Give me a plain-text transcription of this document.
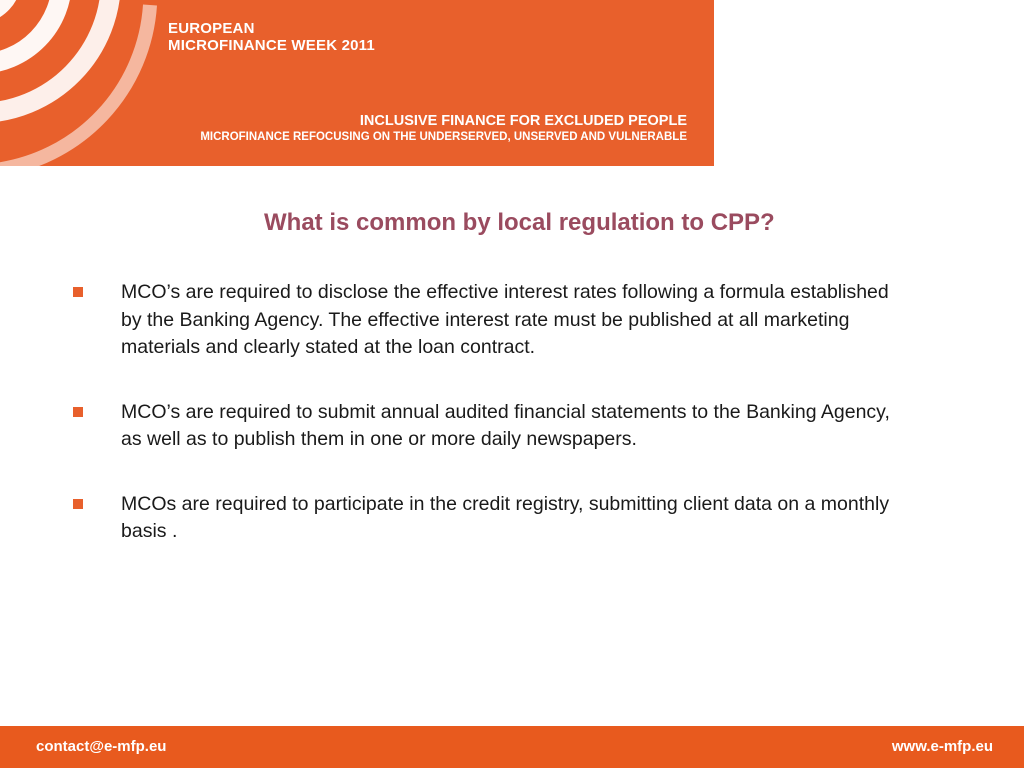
EUROPEAN
MICROFINANCE WEEK 2011
INCLUSIVE FINANCE FOR EXCLUDED PEOPLE
MICROFINANCE REFOCUSING ON THE UNDERSERVED, UNSERVED AND VULNERABLE
What is common by local regulation to CPP?
MCO’s are required to disclose the effective interest rates following a formula established by the Banking Agency. The effective interest rate must be published at all marketing materials and clearly stated at the loan contract.
MCO’s are required to submit annual audited financial statements to the Banking Agency, as well as to publish them in one or more daily newspapers.
MCOs are required to participate in the credit registry, submitting client data on a monthly basis .
contact@e-mfp.eu	www.e-mfp.eu
